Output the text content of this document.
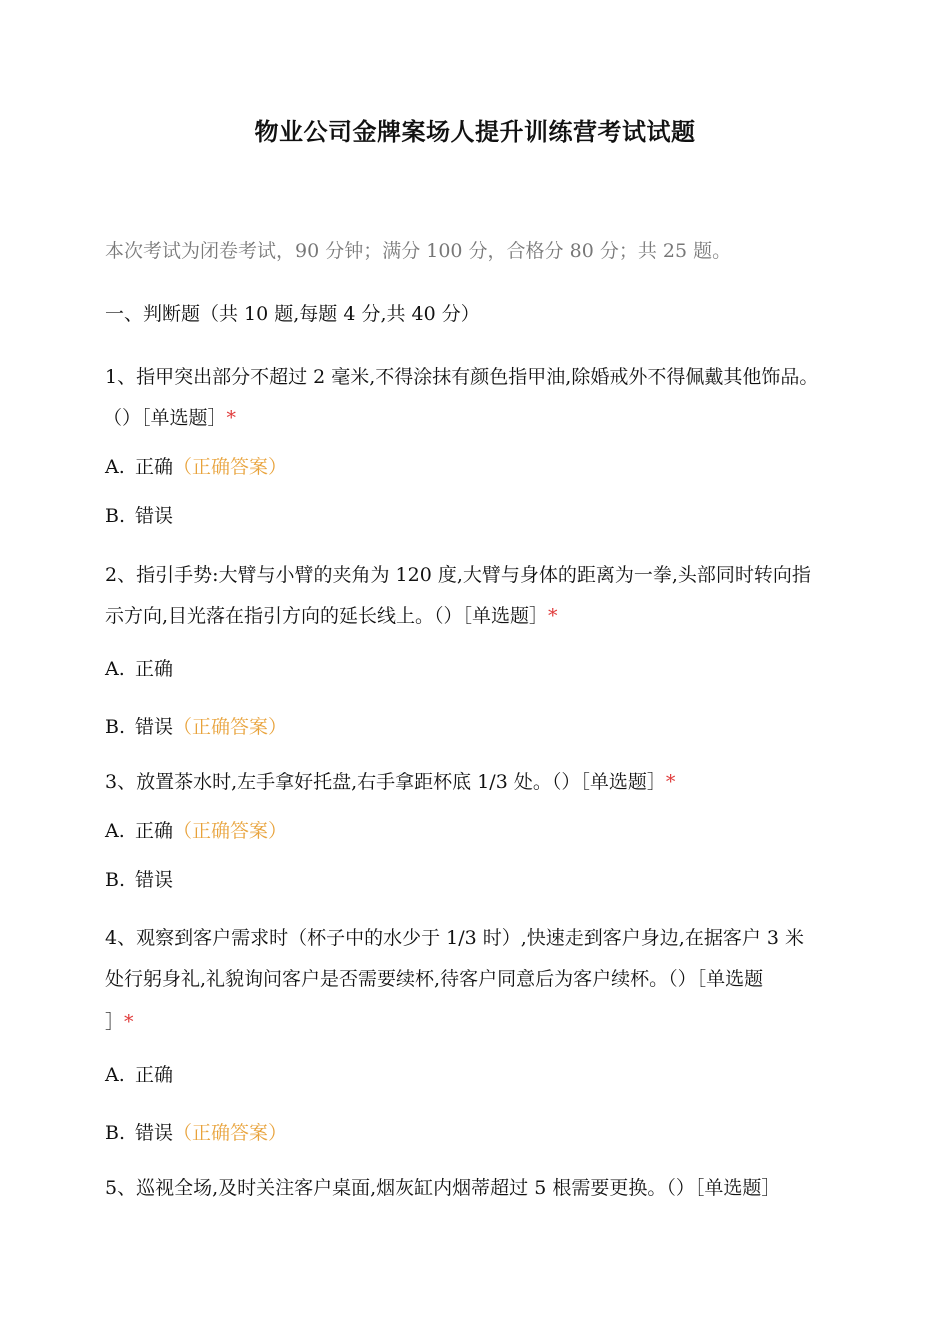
物业公司金牌案场人提升训练营考试试题
本次考试为闭卷考试，90 分钟；满分 100 分，合格分 80 分；共 25 题。
一、判断题（共 10 题,每题 4 分,共 40 分）
1、指甲突出部分不超过 2 毫米,不得涂抹有颜色指甲油,除婚戒外不得佩戴其他饰品。
（）［单选题］*
A. 正确（正确答案）
B. 错误
2、指引手势:大臂与小臂的夹角为 120 度,大臂与身体的距离为一拳,头部同时转向指
示方向,目光落在指引方向的延长线上。（）［单选题］*
A. 正确
B. 错误（正确答案）
3、放置茶水时,左手拿好托盘,右手拿距杯底 1/3 处。（）［单选题］*
A. 正确（正确答案）
B. 错误
4、观察到客户需求时（杯子中的水少于 1/3 时）,快速走到客户身边,在据客户 3 米
处行躬身礼,礼貌询问客户是否需要续杯,待客户同意后为客户续杯。（）［单选题
］*
A. 正确
B. 错误（正确答案）
5、巡视全场,及时关注客户桌面,烟灰缸内烟蒂超过 5 根需要更换。（）［单选题］
